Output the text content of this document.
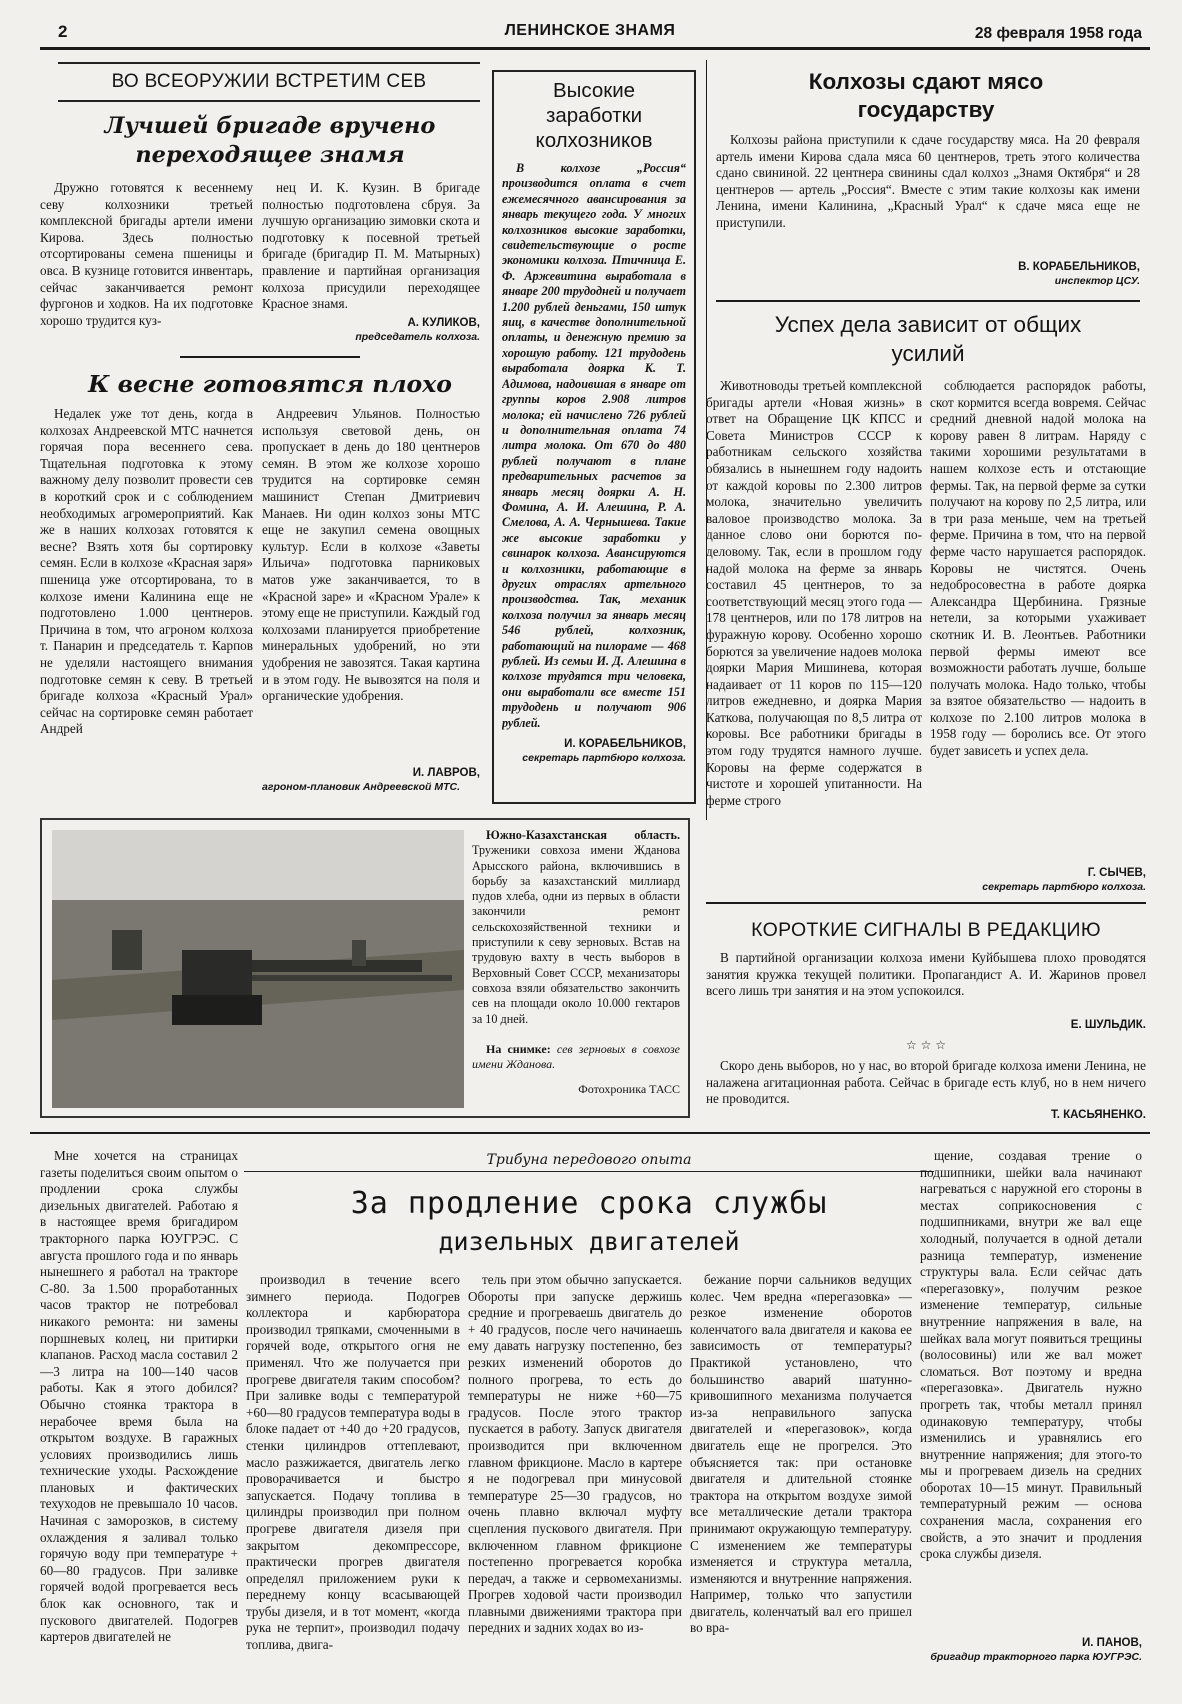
2	ЛЕНИНСКОЕ ЗНАМЯ	28 февраля 1958 года
ВО ВСЕОРУЖИИ ВСТРЕТИМ СЕВ
Лучшей бригаде вручено
переходящее знамя
Дружно готовятся к весеннему севу колхозники третьей комплексной бригады артели имени Кирова. Здесь полностью отсортированы семена пшеницы и овса. В кузнице готовится инвентарь, сейчас заканчивается ремонт фургонов и ходков. На их подготовке хорошо трудится куз-
нец И. К. Кузин. В бригаде полностью подготовлена сбруя. За лучшую организацию зимовки скота и подготовку к посевной третьей бригаде (бригадир П. М. Матырных) правление и партийная организация колхоза присудили переходящее Красное знамя.
А. КУЛИКОВ,
председатель колхоза.
К весне готовятся плохо
Недалек уже тот день, когда в колхозах Андреевской МТС начнется горячая пора весеннего сева. Тщательная подготовка к этому важному делу позволит провести сев в короткий срок и с соблюдением необходимых агромероприятий. Как же в наших колхозах готовятся к весне? Взять хотя бы сортировку семян. Если в колхозе «Красная заря» пшеница уже отсортирована, то в колхозе имени Калинина еще не подготовлено 1.000 центнеров. Причина в том, что агроном колхоза т. Панарин и председатель т. Карпов не уделяли настоящего внимания подготовке семян к севу. В третьей бригаде колхоза «Красный Урал» сейчас на сортировке семян работает Андрей
Андреевич Ульянов. Полностью используя световой день, он пропускает в день до 180 центнеров семян. В этом же колхозе хорошо трудится на сортировке семян машинист Степан Дмитриевич Манаев. Ни один колхоз зоны МТС еще не закупил семена овощных культур. Если в колхозе «Заветы Ильича» подготовка парниковых матов уже заканчивается, то в «Красной заре» и «Красном Урале» к этому еще не приступили. Каждый год колхозами планируется приобретение минеральных удобрений, но эти удобрения не завозятся. Такая картина и в этом году. Не вывозятся на поля и органические удобрения.
И. ЛАВРОВ,
агроном-плановик Андреевской МТС.
Высокие
заработки
колхозников
В колхозе „Россия“ производится оплата в счет ежемесячного авансирования за январь текущего года. У многих колхозников высокие заработки, свидетельствующие о росте экономики колхоза. Птичница Е. Ф. Аржевитина выработала в январе 200 трудодней и получает 1.200 рублей деньгами, 150 штук яиц, в качестве дополнительной оплаты, и денежную премию за хорошую работу. 121 трудодень выработала доярка К. Т. Адимова, надоившая в январе от группы коров 2.908 литров молока; ей начислено 726 рублей и дополнительная оплата 74 литра молока. От 670 до 480 рублей получают в плане предварительных расчетов за январь месяц доярки А. Н. Фомина, А. И. Алешина, Р. А. Смелова, А. А. Чернышева. Такие же высокие заработки у свинарок колхоза. Авансируются и колхозники, работающие в других отраслях артельного производства. Так, механик колхоза получил за январь месяц 546 рублей, колхозник, работающий на пилораме — 468 рублей. Из семьи И. Д. Алешина в колхозе трудятся три человека, они выработали все вместе 151 трудодень и получают 906 рублей.
И. КОРАБЕЛЬНИКОВ,
секретарь партбюро колхоза.
Колхозы сдают мясо
государству
Колхозы района приступили к сдаче государству мяса. На 20 февраля артель имени Кирова сдала мяса 60 центнеров, треть этого количества сдано свининой. 22 центнера свинины сдал колхоз „Знамя Октября“ и 28 центнеров — артель „Россия“. Вместе с этим такие колхозы как имени Ленина, имени Калинина, „Красный Урал“ к сдаче мяса еще не приступили.
В. КОРАБЕЛЬНИКОВ,
инспектор ЦСУ.
Успех дела зависит от общих
усилий
Животноводы третьей комплексной бригады артели «Новая жизнь» в ответ на Обращение ЦК КПСС и Совета Министров СССР к работникам сельского хозяйства обязались в нынешнем году надоить от каждой коровы по 2.300 литров молока, значительно увеличить валовое производство молока. За данное слово они борются по-деловому. Так, если в прошлом году надой молока на ферме за январь составил 45 центнеров, то за соответствующий месяц этого года — 178 центнеров, или по 178 литров на фуражную корову. Особенно хорошо борются за увеличение надоев молока доярки Мария Мишинева, которая надаивает от 11 коров по 115—120 литров ежедневно, и доярка Мария Каткова, получающая по 8,5 литра от коровы. Все работники бригады в этом году трудятся намного лучше. Коровы на ферме содержатся в чистоте и хорошей упитанности. На ферме строго
соблюдается распорядок работы, скот кормится всегда вовремя. Сейчас средний дневной надой молока на корову равен 8 литрам. Наряду с такими хорошими результатами в нашем колхозе есть и отстающие фермы. Так, на первой ферме за сутки получают на корову по 2,5 литра, или в три раза меньше, чем на третьей ферме. Причина в том, что на первой ферме часто нарушается распорядок. Коровы не чистятся. Очень недобросовестна в работе доярка Александра Щербинина. Грязные нетели, за которыми ухаживает скотник И. В. Леонтьев. Работники первой фермы имеют все возможности работать лучше, больше получать молока. Надо только, чтобы за взятое обязательство — надоить в колхозе по 2.100 литров молока в 1958 году — боролись все. От этого будет зависеть и успех дела.
Г. СЫЧЕВ,
секретарь партбюро колхоза.
Южно-Казахстанская область. Труженики совхоза имени Жданова Арысского района, включившись в борьбу за казахстанский миллиард пудов хлеба, одни из первых в области закончили ремонт сельскохозяйственной техники и приступили к севу зерновых. Встав на трудовую вахту в честь выборов в Верховный Совет СССР, механизаторы совхоза взяли обязательство закончить сев на площади около 10.000 гектаров за 10 дней.
На снимке: сев зерновых в совхозе имени Жданова.
Фотохроника ТАСС
КОРОТКИЕ СИГНАЛЫ В РЕДАКЦИЮ
В партийной организации колхоза имени Куйбышева плохо проводятся занятия кружка текущей политики. Пропагандист А. И. Жаринов провел всего лишь три занятия и на этом успокоился.
Е. ШУЛЬДИК.
☆ ☆ ☆
Скоро день выборов, но у нас, во второй бригаде колхоза имени Ленина, не налажена агитационная работа. Сейчас в бригаде есть клуб, но в нем ничего не проводится.
Т. КАСЬЯНЕНКО.
Трибуна передового опыта
За продление срока службы
дизельных двигателей
Мне хочется на страницах газеты поделиться своим опытом о продлении срока службы дизельных двигателей. Работаю я в настоящее время бригадиром тракторного парка ЮУГРЭС. С августа прошлого года и по январь нынешнего я работал на тракторе С-80. За 1.500 проработанных часов трактор не потребовал никакого ремонта: ни замены поршневых колец, ни притирки клапанов. Расход масла составил 2—3 литра на 100—140 часов работы. Как я этого добился? Обычно стоянка трактора в нерабочее время была на открытом воздухе. В гаражных условиях производились лишь технические уходы. Расхождение плановых и фактических техуходов не превышало 10 часов. Начиная с заморозков, в систему охлаждения я заливал только горячую воду при температуре + 60—80 градусов. При заливке горячей водой прогревается весь блок как основного, так и пускового двигателей. Подогрев картеров двигателей не
производил в течение всего зимнего периода. Подогрев коллектора и карбюратора производил тряпками, смоченными в горячей воде, открытого огня не применял. Что же получается при прогреве двигателя таким способом? При заливке воды с температурой +60—80 градусов температура воды в блоке падает от +40 до +20 градусов, стенки цилиндров оттеплевают, масло разжижается, двигатель легко проворачивается и быстро запускается. Подачу топлива в цилиндры производил при полном прогреве двигателя дизеля при закрытом декомпрессоре, практически прогрев двигателя определял приложением руки к переднему концу всасывающей трубы дизеля, и в тот момент, «когда рука не терпит», производил подачу топлива, двига-
тель при этом обычно запускается. Обороты при запуске держишь средние и прогреваешь двигатель до + 40 градусов, после чего начинаешь ему давать нагрузку постепенно, без резких изменений оборотов до полного прогрева, то есть до температуры не ниже +60—75 градусов. После этого трактор пускается в работу. Запуск двигателя производится при включенном главном фрикционе. Масло в картере я не подогревал при минусовой температуре 25—30 градусов, но очень плавно включал муфту сцепления пускового двигателя. При включенном главном фрикционе постепенно прогревается коробка передач, а также и сервомеханизмы. Прогрев ходовой части производил плавными движениями трактора при передних и задних ходах во из-
бежание порчи сальников ведущих колес. Чем вредна «перегазовка» — резкое изменение оборотов коленчатого вала двигателя и какова ее зависимость от температуры? Практикой установлено, что большинство аварий шатунно-кривошипного механизма получается из-за неправильного запуска двигателей и «перегазовок», когда двигатель еще не прогрелся. Это объясняется так: при остановке двигателя и длительной стоянке трактора на открытом воздухе зимой все металлические детали трактора принимают окружающую температуру. С изменением же температуры изменяется и структура металла, изменяются и внутренние напряжения. Например, только что запустили двигатель, коленчатый вал его пришел во вра-
щение, создавая трение о подшипники, шейки вала начинают нагреваться с наружной его стороны в местах соприкосновения с подшипниками, внутри же вал еще холодный, получается в одной детали разница температур, изменение структуры вала. Если сейчас дать «перегазовку», получим резкое изменение температур, сильные внутренние напряжения в вале, на шейках вала могут появиться трещины (волосовины) или же вал может сломаться. Вот поэтому и вредна «перегазовка». Двигатель нужно прогреть так, чтобы металл принял одинаковую температуру, чтобы изменились и уравнялись его внутренние напряжения; для этого-то мы и прогреваем дизель на средних оборотах 10—15 минут. Правильный температурный режим — основа сохранения масла, сохранения его свойств, а это значит и продления срока службы дизеля.
И. ПАНОВ,
бригадир тракторного парка ЮУГРЭС.
